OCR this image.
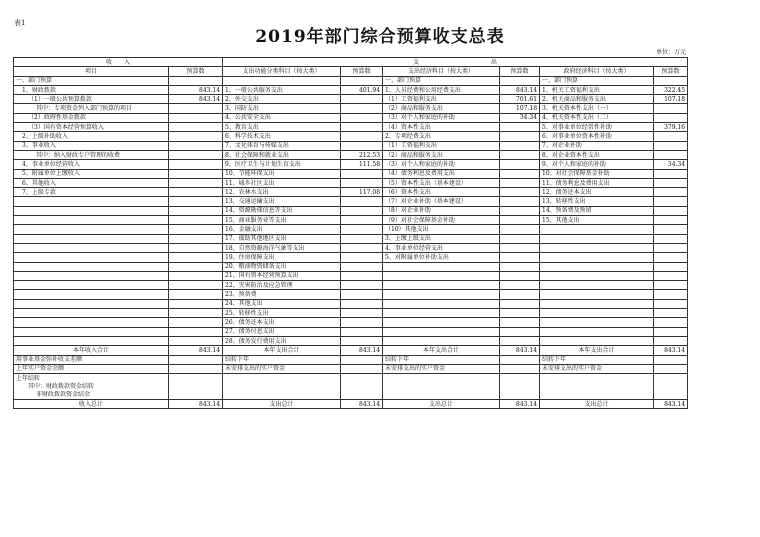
表1
2019年部门综合预算收支总表
单位：万元
收　　入		支　　　　　　　　　　　　出					
项目	预算数	支出功能分类科目（按大类）	预算数	支出经济科目（按大类）	预算数	政府经济科目（按大类）	预算数
一、部门预算				一、部门预算		一、部门预算	
1、财政拨款	843.14	1、一般公共服务支出	401.94	1、人员经费和公用经费支出	843.14	1、机关工资福利支出	322.45
（1）一般公共预算拨款	843.14	2、外交支出		（1）工资福利支出	701.61	2、机关商品和服务支出	107.18
其中：专项资金列入部门预算的项目		3、国防支出		（2）商品和服务支出	107.18	3、机关资本性支出（一）	
（2）政府性基金拨款		4、公共安全支出		（3）对个人和家庭的补助	34.34	4、机关资本性支出（二）	
（3）国有资本经营预算收入		5、教育支出		（4）资本性支出		5、对事业单位经常性补助	379.16
2、上级补助收入		6、科学技术支出		2、专项经费支出		6、对事业单位资本性补助	
3、事业收入		7、文化体育与传媒支出		（1）工资福利支出		7、对企业补助	
其中：纳入财政专户管理的收费		8、社会保障和就业支出	212.53	（2）商品和服务支出		8、对企业资本性支出	
4、事业单位经营收入		9、医疗卫生与计划生育支出	111.58	（3）对个人和家庭的补助		9、对个人和家庭的补助	34.34
5、附属单位上缴收入		10、节能环保支出		（4）债务利息及费用支出		10、对社会保障基金补助	
6、其他收入		11、城乡社区支出		（5）资本性支出（基本建设）		11、债务利息及费用支出	
7、上级专款		12、农林水支出	117.08	（6）资本性支出		12、债务还本支出	
		13、交通运输支出		（7）对企业补助（基本建设）		13、转移性支出	
		14、资源勘探信息等支出		（8）对企业补助		14、预备费及预留	
		15、商业服务业等支出		（9）对社会保障基金补助		15、其他支出	
		16、金融支出		（10）其他支出			
		17、援助其他地区支出		3、上缴上级支出			
		18、自然资源海洋气象等支出		4、事业单位经营支出			
		19、住房保障支出		5、对附属单位补助支出			
		20、粮油物资储备支出					
		21、国有资本经营预算支出					
		22、灾害防治及应急管理					
		23、预备费					
		24、其他支出					
		25、转移性支出					
		26、债务还本支出					
		27、债务付息支出					
		28、债务发行费用支出					
本年收入合计	843.14	本年支出合计	843.14	本年支出合计	843.14	本年支出合计	843.14
用事业基金弥补收支差额		结转下年		结转下年		结转下年	
上年实户资金余额		未安排支出的实户资金		未安排支出的实户资金		未安排支出的实户资金	
上年结转							
其中：财政拨款资金结转							
非财政拨款资金结余							
收入总计	843.14	支出总计	843.14	支出总计	843.14	支出总计	843.14
